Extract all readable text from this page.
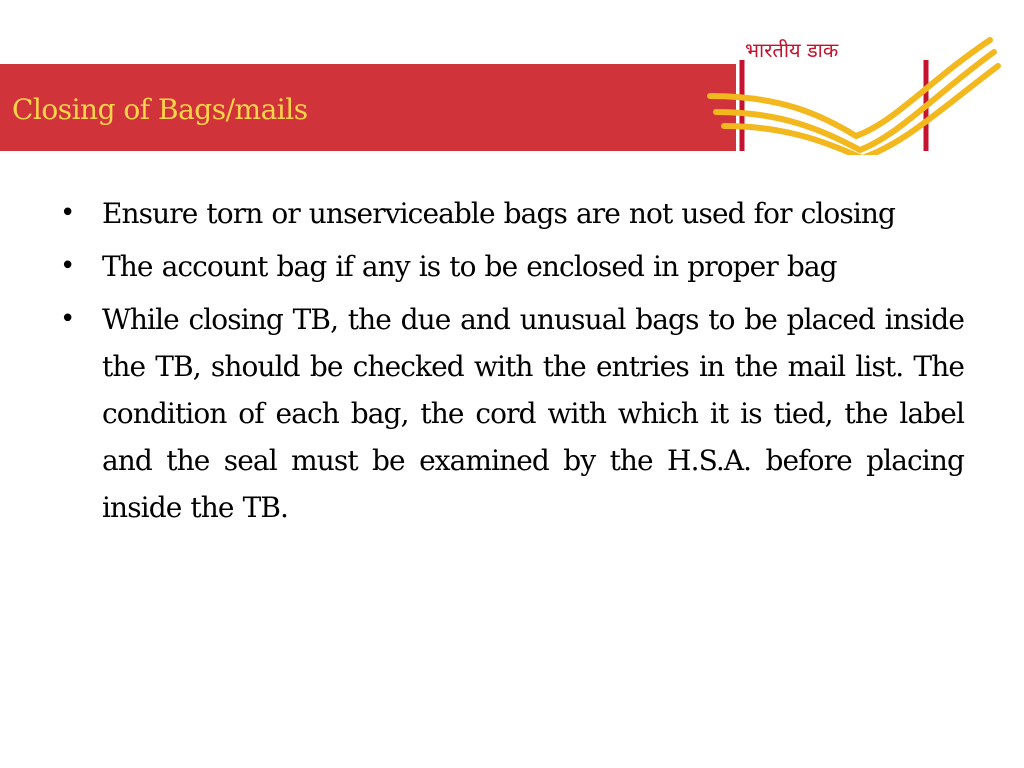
Closing of Bags/mails
भारतीय डाक
• Ensure torn or unserviceable bags are not used for closing
• The account bag if any is to be enclosed in proper bag
• While closing TB, the due and unusual bags to be placed inside the TB, should be checked with the entries in the mail list. The condition of each bag, the cord with which it is tied, the label and the seal must be examined by the H.S.A. before placing inside the TB.
